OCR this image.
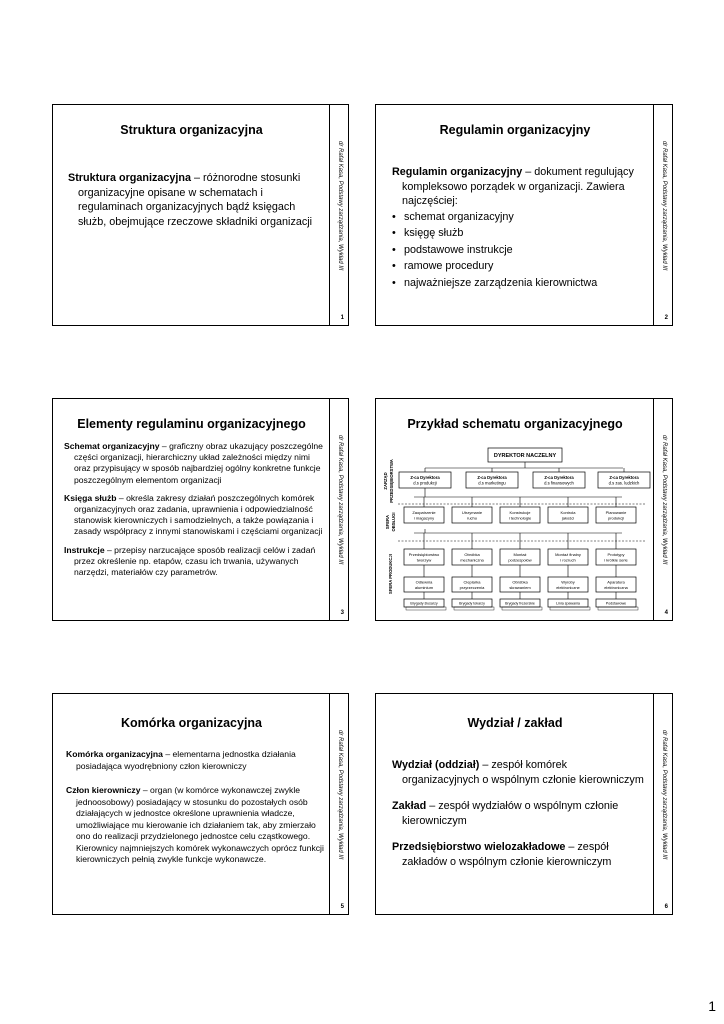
Struktura organizacyjna
Struktura organizacyjna – różnorodne stosunki organizacyjne opisane w schematach i regulaminach organizacyjnych bądź księgach służb, obejmujące rzeczowe składniki organizacji	dr Rafał Kasa, Podstawy zarządzania, Wykład III
1
Regulamin organizacyjny
Regulamin organizacyjny – dokument regulujący kompleksowo porządek w organizacji. Zawiera najczęściej:
• schemat organizacyjny
• księgę służb
• podstawowe instrukcje
• ramowe procedury
• najważniejsze zarządzenia kierownictwa
dr Rafał Kasa, Podstawy zarządzania, Wykład III
2
Elementy regulaminu organizacyjnego
Schemat organizacyjny – graficzny obraz ukazujący poszczególne części organizacji, hierarchiczny układ zależności między nimi oraz przypisujący w sposób najbardziej ogólny konkretne funkcje poszczególnym elementom organizacji
Księga służb – określa zakresy działań poszczególnych komórek organizacyjnych oraz zadania, uprawnienia i odpowiedzialność stanowisk kierowniczych i samodzielnych, a także powiązania i zasady współpracy z innymi stanowiskami i częściami organizacji
Instrukcje – przepisy narzucające sposób realizacji celów i zadań przez określenie np. etapów, czasu ich trwania, używanych narzędzi, materiałów czy parametrów.
dr Rafał Kasa, Podstawy zarządzania, Wykład III
3
Przykład schematu organizacyjnego
ZARZĄD PRZEDSIĘBIORSTWA
SFERA OBSŁUGI
SFERA PRODUKCJI
DYREKTOR NACZELNY
Z-ca Dyrektora
d.s produkcji
Z-ca Dyrektora
d.s marketingu
Z-ca Dyrektora
d.s finansowych
Z-ca Dyrektora
d.s zas. ludzkich
Zaopatrzenie
i magazyny
Utrzymanie
ruchu
Konstrukcje
i technologie
Kontrola
jakości
Planowanie
produkcji
Przedsiębiorstwo
tworzyw
Odlewnia
aluminium
Brygady ślusarzy
Obróbka
mechaniczna
Cieplarka
przyrzeczenia
Brygady tokarzy
Montaż
podzespołów
Obróbka
skrawaniem
Brygady frezerskie
Montaż finalny
i rozruch
Wyroby
elektroniczne
Linia spawania
Prototypy
i krótkie serie
Aparatura
elektroniczna
Podstawowe
dr Rafał Kasa, Podstawy zarządzania, Wykład III
4
Komórka organizacyjna
Komórka organizacyjna – elementarna jednostka działania posiadająca wyodrębniony człon kierowniczy
Człon kierowniczy – organ (w komórce wykonawczej zwykle jednoosobowy) posiadający w stosunku do pozostałych osób działających w jednostce określone uprawnienia władcze, umożliwiające mu kierowanie ich działaniem tak, aby zmierzało ono do realizacji przydzielonego jednostce celu cząstkowego. Kierownicy najmniejszych komórek wykonawczych oprócz funkcji kierowniczych pełnią zwykle funkcje wykonawcze.	dr Rafał Kasa, Podstawy zarządzania, Wykład III
5
Wydział / zakład
Wydział (oddział) – zespół komórek organizacyjnych o wspólnym członie kierowniczym
Zakład – zespół wydziałów o wspólnym członie kierowniczym
Przedsiębiorstwo wielozakładowe – zespół zakładów o wspólnym członie kierowniczym
dr Rafał Kasa, Podstawy zarządzania, Wykład III
6
1
